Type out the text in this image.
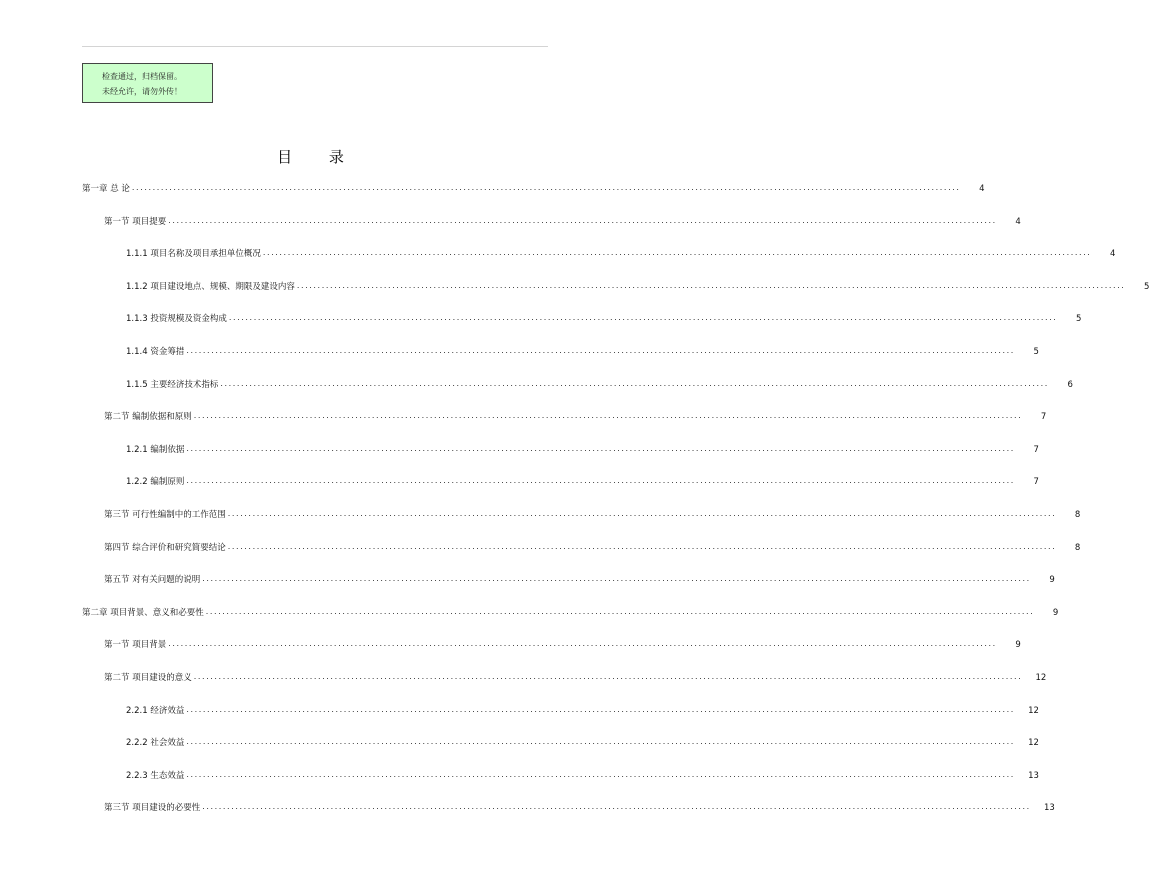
检查通过，归档保留。
未经允许，请勿外传！
目 录
第一章 总 论 ........................................................................................................................................................................................................	4
第一节 项目提要 ........................................................................................................................................................................................................	4
1.1.1 项目名称及项目承担单位概况 ........................................................................................................................................................................................................	4
1.1.2 项目建设地点、规模、期限及建设内容 ........................................................................................................................................................................................................	5
1.1.3 投资规模及资金构成 ........................................................................................................................................................................................................	5
1.1.4 资金筹措 ........................................................................................................................................................................................................	5
1.1.5 主要经济技术指标 ........................................................................................................................................................................................................	6
第二节 编制依据和原则 ........................................................................................................................................................................................................	7
1.2.1 编制依据 ........................................................................................................................................................................................................	7
1.2.2 编制原则 ........................................................................................................................................................................................................	7
第三节 可行性编制中的工作范围 ........................................................................................................................................................................................................	8
第四节 综合评价和研究简要结论 ........................................................................................................................................................................................................	8
第五节 对有关问题的说明 ........................................................................................................................................................................................................	9
第二章 项目背景、意义和必要性 ........................................................................................................................................................................................................	9
第一节 项目背景 ........................................................................................................................................................................................................	9
第二节 项目建设的意义 ........................................................................................................................................................................................................	12
2.2.1 经济效益 ........................................................................................................................................................................................................	12
2.2.2 社会效益 ........................................................................................................................................................................................................	12
2.2.3 生态效益 ........................................................................................................................................................................................................	13
第三节 项目建设的必要性 ........................................................................................................................................................................................................	13
